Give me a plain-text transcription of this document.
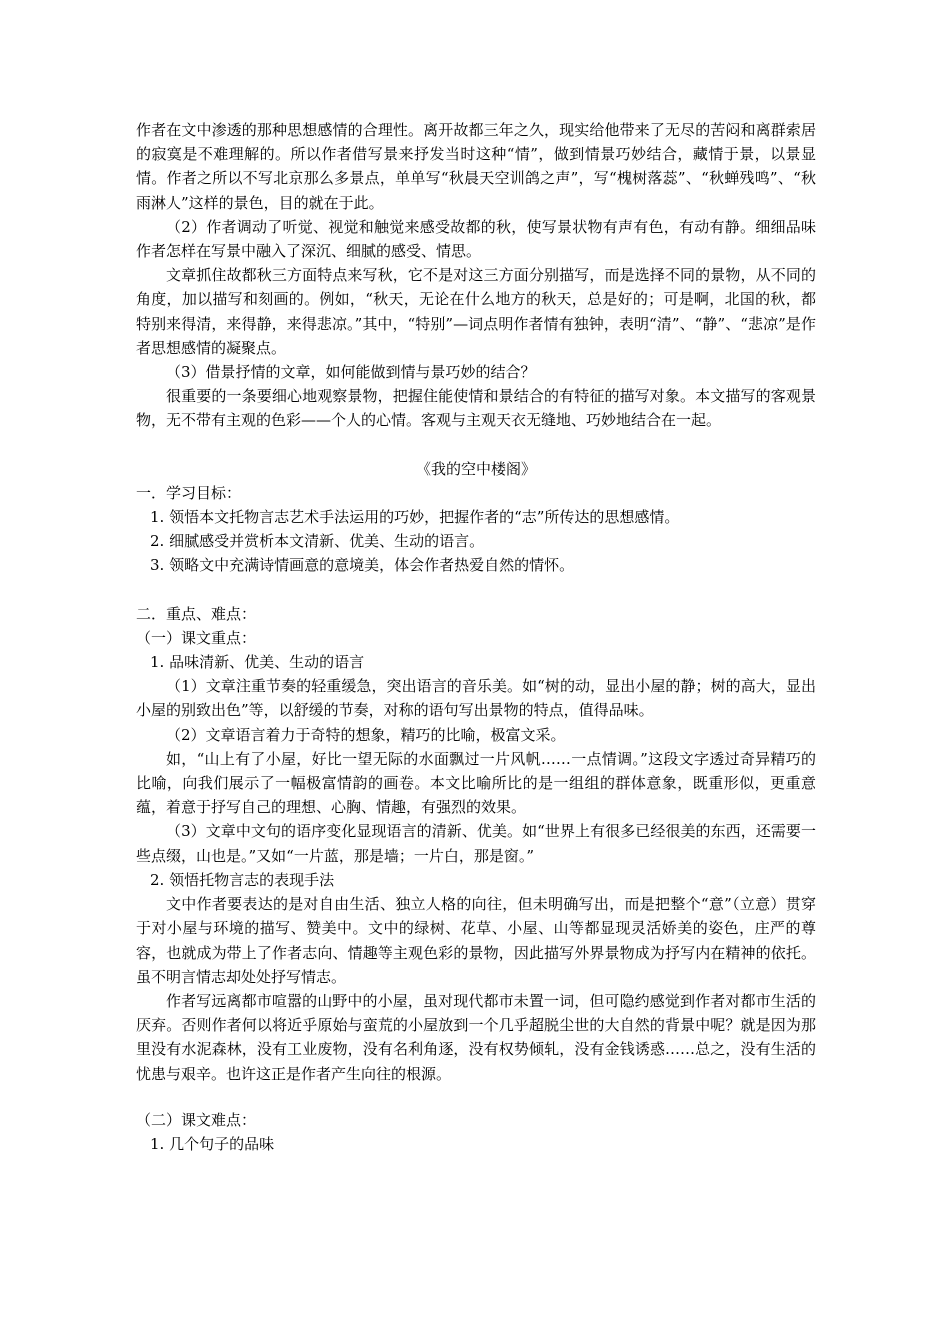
作者在文中渗透的那种思想感情的合理性。离开故都三年之久，现实给他带来了无尽的苦闷和离群索居的寂寞是不难理解的。所以作者借写景来抒发当时这种“情”，做到情景巧妙结合，藏情于景，以景显情。作者之所以不写北京那么多景点，单单写“秋晨天空训鸽之声”，写“槐树落蕊”、“秋蝉残鸣”、“秋雨淋人”这样的景色，目的就在于此。

（2）作者调动了听觉、视觉和触觉来感受故都的秋，使写景状物有声有色，有动有静。细细品味作者怎样在写景中融入了深沉、细腻的感受、情思。

文章抓住故都秋三方面特点来写秋，它不是对这三方面分别描写，而是选择不同的景物，从不同的角度，加以描写和刻画的。例如，“秋天，无论在什么地方的秋天，总是好的；可是啊，北国的秋，都特别来得清，来得静，来得悲凉。”其中，“特别”—词点明作者情有独钟，表明“清”、“静”、“悲凉”是作者思想感情的凝聚点。

（3）借景抒情的文章，如何能做到情与景巧妙的结合？

很重要的一条要细心地观察景物，把握住能使情和景结合的有特征的描写对象。本文描写的客观景物，无不带有主观的色彩——个人的心情。客观与主观天衣无缝地、巧妙地结合在一起。

《我的空中楼阁》

一．学习目标：

1. 领悟本文托物言志艺术手法运用的巧妙，把握作者的“志”所传达的思想感情。

2. 细腻感受并赏析本文清新、优美、生动的语言。

3. 领略文中充满诗情画意的意境美，体会作者热爱自然的情怀。

二．重点、难点：

（一）课文重点：

1. 品味清新、优美、生动的语言

（1）文章注重节奏的轻重缓急，突出语言的音乐美。如“树的动，显出小屋的静；树的高大，显出小屋的别致出色”等，以舒缓的节奏，对称的语句写出景物的特点，值得品味。

（2）文章语言着力于奇特的想象，精巧的比喻，极富文采。

如，“山上有了小屋，好比一望无际的水面飘过一片风帆……一点情调。”这段文字透过奇异精巧的比喻，向我们展示了一幅极富情韵的画卷。本文比喻所比的是一组组的群体意象，既重形似，更重意蕴，着意于抒写自己的理想、心胸、情趣，有强烈的效果。

（3）文章中文句的语序变化显现语言的清新、优美。如“世界上有很多已经很美的东西，还需要一些点缀，山也是。”又如“一片蓝，那是墙；一片白，那是窗。”

2. 领悟托物言志的表现手法

文中作者要表达的是对自由生活、独立人格的向往，但未明确写出，而是把整个“意”（立意）贯穿于对小屋与环境的描写、赞美中。文中的绿树、花草、小屋、山等都显现灵活娇美的姿色，庄严的尊容，也就成为带上了作者志向、情趣等主观色彩的景物，因此描写外界景物成为抒写内在精神的依托。虽不明言情志却处处抒写情志。

作者写远离都市喧嚣的山野中的小屋，虽对现代都市未置一词，但可隐约感觉到作者对都市生活的厌弃。否则作者何以将近乎原始与蛮荒的小屋放到一个几乎超脱尘世的大自然的背景中呢？就是因为那里没有水泥森林，没有工业废物，没有名利角逐，没有权势倾轧，没有金钱诱惑……总之，没有生活的忧患与艰辛。也许这正是作者产生向往的根源。

（二）课文难点：

1. 几个句子的品味
